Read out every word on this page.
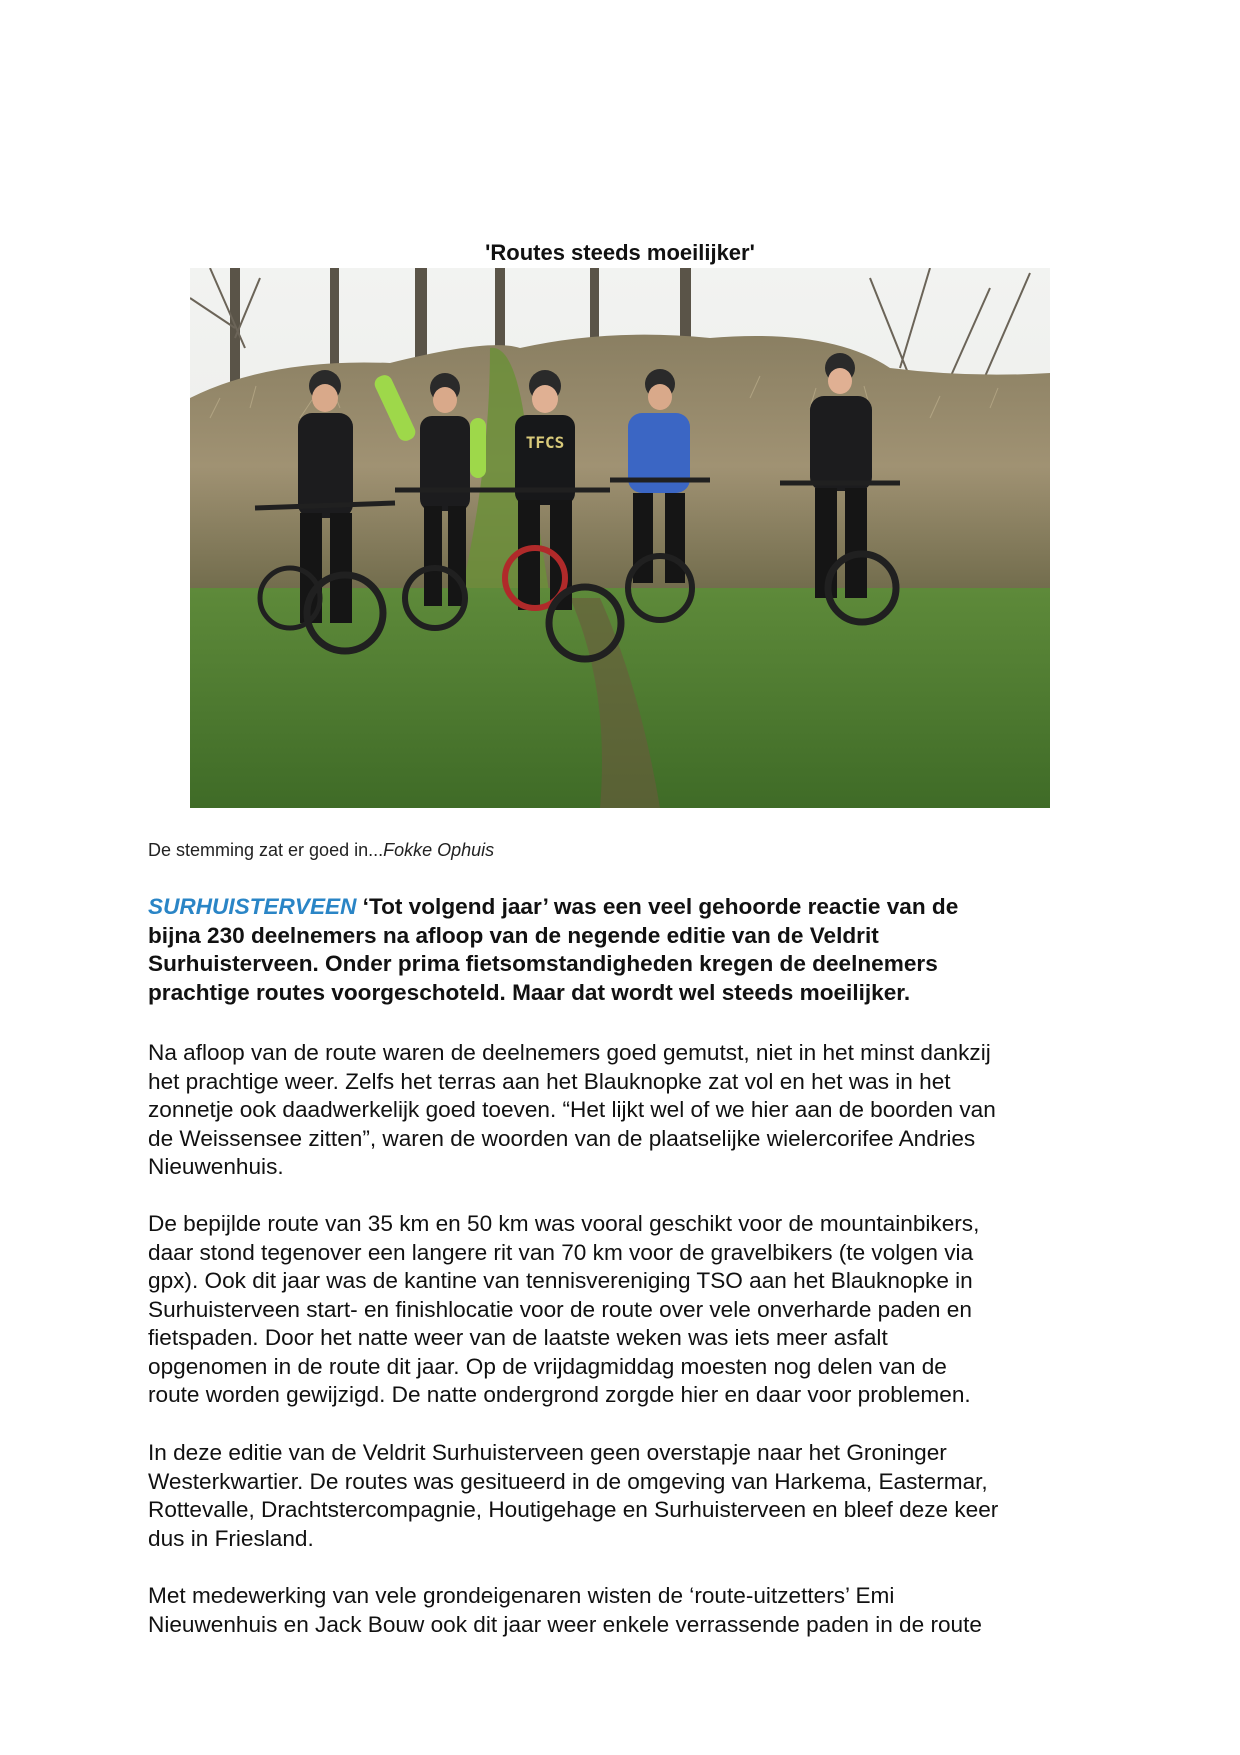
'Routes steeds moeilijker'
TFCS
De stemming zat er goed in...Fokke Ophuis
SURHUISTERVEEN ‘Tot volgend jaar’ was een veel gehoorde reactie van de
bijna 230 deelnemers na afloop van de negende editie van de Veldrit
Surhuisterveen. Onder prima fietsomstandigheden kregen de deelnemers
prachtige routes voorgeschoteld. Maar dat wordt wel steeds moeilijker.
Na afloop van de route waren de deelnemers goed gemutst, niet in het minst dankzij
het prachtige weer. Zelfs het terras aan het Blauknopke zat vol en het was in het
zonnetje ook daadwerkelijk goed toeven. “Het lijkt wel of we hier aan de boorden van
de Weissensee zitten”, waren de woorden van de plaatselijke wielercorifee Andries
Nieuwenhuis.
De bepijlde route van 35 km en 50 km was vooral geschikt voor de mountainbikers,
daar stond tegenover een langere rit van 70 km voor de gravelbikers (te volgen via
gpx). Ook dit jaar was de kantine van tennisvereniging TSO aan het Blauknopke in
Surhuisterveen start- en finishlocatie voor de route over vele onverharde paden en
fietspaden. Door het natte weer van de laatste weken was iets meer asfalt
opgenomen in de route dit jaar. Op de vrijdagmiddag moesten nog delen van de
route worden gewijzigd. De natte ondergrond zorgde hier en daar voor problemen.
In deze editie van de Veldrit Surhuisterveen geen overstapje naar het Groninger
Westerkwartier. De routes was gesitueerd in de omgeving van Harkema, Eastermar,
Rottevalle, Drachtstercompagnie, Houtigehage en Surhuisterveen en bleef deze keer
dus in Friesland.
Met medewerking van vele grondeigenaren wisten de ‘route-uitzetters’ Emi
Nieuwenhuis en Jack Bouw ook dit jaar weer enkele verrassende paden in de route
